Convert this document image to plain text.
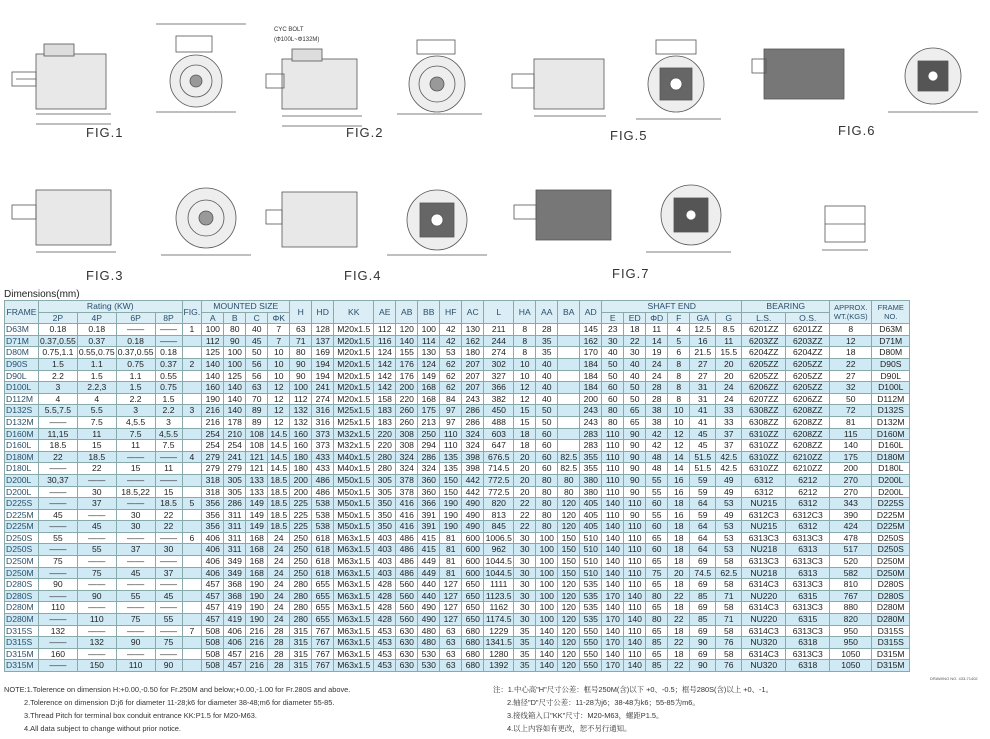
FIG.1
CYC BOLT
(Φ100L~Φ132M)
FIG.2	FIG.5	FIG.6
FIG.3	FIG.4	FIG.7
Dimensions(mm)
FRAME	Rating (KW)				FIG.	MOUNTED SIZE				H	HD	KK	AE	AB	BB	HF	AC	L	HA	AA	BA	AD	SHAFT END						BEARING		APPROX. WT.(KGS)	FRAME NO.
	2P	4P	6P	8P		A	B	C	ΦK														E	ED	ΦD	F	GA	G	L.S.	O.S.		
D63M	0.18	0.18	——	——	1	100	80	40	7	63	128	M20x1.5	112	120	100	42	130	211	8	28		145	23	18	11	4	12.5	8.5	6201ZZ	6201ZZ	8	D63M
D71M	0.37,0.55	0.37	0.18	——		112	90	45	7	71	137	M20x1.5	116	140	114	42	162	244	8	35		162	30	22	14	5	16	11	6203ZZ	6203ZZ	12	D71M
D80M	0.75,1.1	0.55,0.75	0.37,0.55	0.18		125	100	50	10	80	169	M20x1.5	124	155	130	53	180	274	8	35		170	40	30	19	6	21.5	15.5	6204ZZ	6204ZZ	18	D80M
D90S	1.5	1.1	0.75	0.37	2	140	100	56	10	90	194	M20x1.5	142	176	124	62	207	302	10	40		184	50	40	24	8	27	20	6205ZZ	6205ZZ	22	D90S
D90L	2.2	1.5	1.1	0.55		140	125	56	10	90	194	M20x1.5	142	176	149	62	207	327	10	40		184	50	40	24	8	27	20	6205ZZ	6205ZZ	27	D90L
D100L	3	2.2,3	1.5	0.75		160	140	63	12	100	241	M20x1.5	142	200	168	62	207	366	12	40		184	60	50	28	8	31	24	6206ZZ	6205ZZ	32	D100L
D112M	4	4	2.2	1.5		190	140	70	12	112	274	M20x1.5	158	220	168	84	243	382	12	40		200	60	50	28	8	31	24	6207ZZ	6206ZZ	50	D112M
D132S	5.5,7.5	5.5	3	2.2	3	216	140	89	12	132	316	M25x1.5	183	260	175	97	286	450	15	50		243	80	65	38	10	41	33	6308ZZ	6208ZZ	72	D132S
D132M	——	7.5	4,5.5	3		216	178	89	12	132	316	M25x1.5	183	260	213	97	286	488	15	50		243	80	65	38	10	41	33	6308ZZ	6208ZZ	81	D132M
D160M	11,15	11	7.5	4,5.5		254	210	108	14.5	160	373	M32x1.5	220	308	250	110	324	603	18	60		283	110	90	42	12	45	37	6310ZZ	6208ZZ	115	D160M
D160L	18.5	15	11	7.5		254	254	108	14.5	160	373	M32x1.5	220	308	294	110	324	647	18	60		283	110	90	42	12	45	37	6310ZZ	6208ZZ	140	D160L
D180M	22	18.5	——	——	4	279	241	121	14.5	180	433	M40x1.5	280	324	286	135	398	676.5	20	60	82.5	355	110	90	48	14	51.5	42.5	6310ZZ	6210ZZ	175	D180M
D180L	——	22	15	11		279	279	121	14.5	180	433	M40x1.5	280	324	324	135	398	714.5	20	60	82.5	355	110	90	48	14	51.5	42.5	6310ZZ	6210ZZ	200	D180L
D200L	30,37	——	——	——		318	305	133	18.5	200	486	M50x1.5	305	378	360	150	442	772.5	20	80	80	380	110	90	55	16	59	49	6312	6212	270	D200L
D200L	——	30	18.5,22	15		318	305	133	18.5	200	486	M50x1.5	305	378	360	150	442	772.5	20	80	80	380	110	90	55	16	59	49	6312	6212	270	D200L
D225S	——	37	——	18.5	5	356	286	149	18.5	225	538	M50x1.5	350	416	366	190	490	820	22	80	120	405	140	110	60	18	64	53	NU215	6312	343	D225S
D225M	45	——	30	22		356	311	149	18.5	225	538	M50x1.5	350	416	391	190	490	813	22	80	120	405	110	90	55	16	59	49	6312C3	6312C3	390	D225M
D225M	——	45	30	22		356	311	149	18.5	225	538	M50x1.5	350	416	391	190	490	845	22	80	120	405	140	110	60	18	64	53	NU215	6312	424	D225M
D250S	55	——	——	——	6	406	311	168	24	250	618	M63x1.5	403	486	415	81	600	1006.5	30	100	150	510	140	110	65	18	64	53	6313C3	6313C3	478	D250S
D250S	——	55	37	30		406	311	168	24	250	618	M63x1.5	403	486	415	81	600	962	30	100	150	510	140	110	60	18	64	53	NU218	6313	517	D250S
D250M	75	——	——	——		406	349	168	24	250	618	M63x1.5	403	486	449	81	600	1044.5	30	100	150	510	140	110	65	18	69	58	6313C3	6313C3	520	D250M
D250M	——	75	45	37		406	349	168	24	250	618	M63x1.5	403	486	449	81	600	1044.5	30	100	150	510	140	110	75	20	74.5	62.5	NU218	6313	582	D250M
D280S	90	——	——	——		457	368	190	24	280	655	M63x1.5	428	560	440	127	650	1111	30	100	120	535	140	110	65	18	69	58	6314C3	6313C3	810	D280S
D280S	——	90	55	45		457	368	190	24	280	655	M63x1.5	428	560	440	127	650	1123.5	30	100	120	535	170	140	80	22	85	71	NU220	6315	767	D280S
D280M	110	——	——	——		457	419	190	24	280	655	M63x1.5	428	560	490	127	650	1162	30	100	120	535	140	110	65	18	69	58	6314C3	6313C3	880	D280M
D280M	——	110	75	55		457	419	190	24	280	655	M63x1.5	428	560	490	127	650	1174.5	30	100	120	535	170	140	80	22	85	71	NU220	6315	820	D280M
D315S	132	——	——	——	7	508	406	216	28	315	767	M63x1.5	453	630	480	63	680	1229	35	140	120	550	140	110	65	18	69	58	6314C3	6313C3	950	D315S
D315S	——	132	90	75		508	406	216	28	315	767	M63x1.5	453	630	480	63	680	1341.5	35	140	120	550	170	140	85	22	90	76	NU320	6318	950	D315S
D315M	160	——	——	——		508	457	216	28	315	767	M63x1.5	453	630	530	63	680	1280	35	140	120	550	140	110	65	18	69	58	6314C3	6313C3	1050	D315M
D315M	——	150	110	90		508	457	216	28	315	767	M63x1.5	453	630	530	63	680	1392	35	140	120	550	170	140	85	22	90	76	NU320	6318	1050	D315M
NOTE:1.Tolerence on dimension H:+0.00,-0.50 for Fr.250M and below;+0.00,-1.00 for Fr.280S and above.
2.Tolerence on dimension D:j6 for diameter 11-28;k6 for diameter 38-48;m6 for diameter 55-85.
3.Thread Pitch for terminal box conduit entrance KK:P1.5 for M20-M63.
4.All data subject to change without prior notice.
注：1.中心高"H"尺寸公差：框号250M(含)以下 +0、-0.5；框号280S(含)以上 +0、-1。
2.轴径"D"尺寸公差：11-28为j6；38-48为k6；55-85为m6。
3.接线箱入口"KK"尺寸：M20-M63，螺距P1.5。
4.以上内容如有更改，恕不另行通知。
DRAWING NO. 433-71402
